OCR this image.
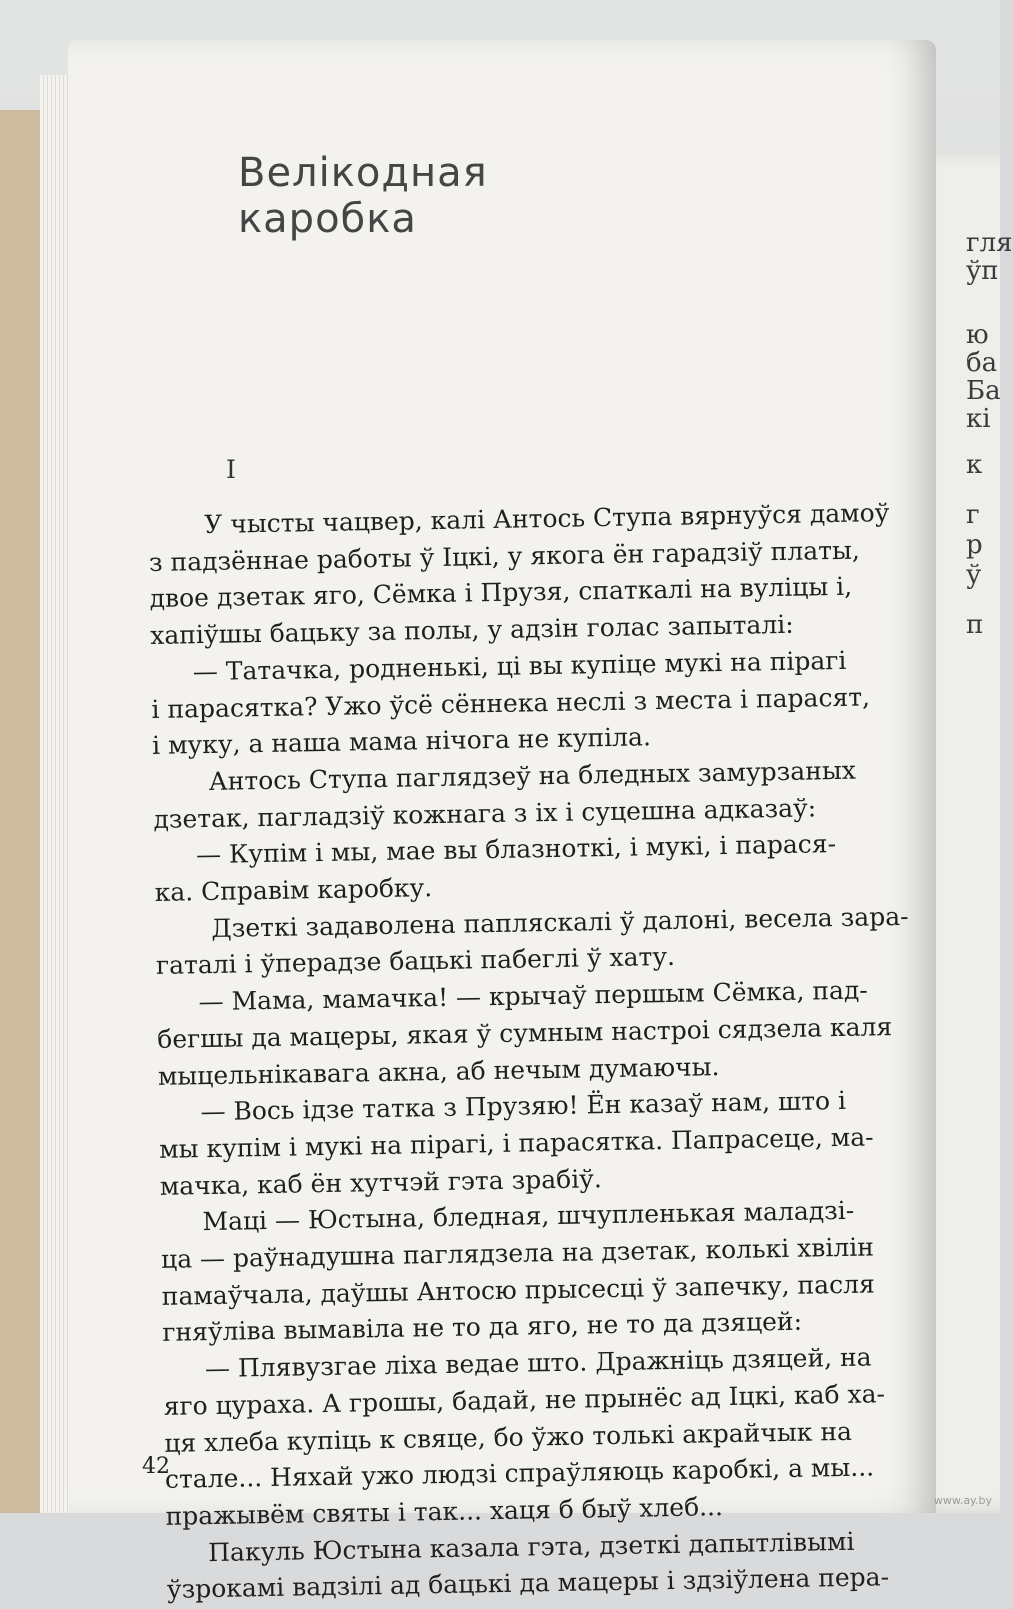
гля
ўп
ю
ба
Ба
кі
к
г
р
ў
п
Велікодная
каробка
I
У чысты чацвер, калі Антось Ступа вярнуўся дамоў
з падзённае работы ў Іцкі, у якога ён гарадзіў платы,
двое дзетак яго, Сёмка і Прузя, спаткалі на вуліцы і,
хапіўшы бацьку за полы, у адзін голас запыталі:
— Татачка, родненькі, ці вы купіце мукі на пірагі
і парасятка? Ужо ўсё сённека неслі з места і парасят,
і муку, а наша мама нічога не купіла.
Антось Ступа паглядзеў на бледных замурзаных
дзетак, пагладзіў кожнага з іх і суцешна адказаў:
— Купім і мы, мае вы блазноткі, і мукі, і парася-
ка. Справім каробку.
Дзеткі задаволена папляскалі ў далоні, весела зара-
гаталі і ўперадзе бацькі пабеглі ў хату.
— Мама, мамачка! — крычаў першым Сёмка, пад-
бегшы да мацеры, якая ў сумным настроі сядзела каля
мыцельнікавага акна, аб нечым думаючы.
— Вось ідзе татка з Прузяю! Ён казаў нам, што і
мы купім і мукі на пірагі, і парасятка. Папрасеце, ма-
мачка, каб ён хутчэй гэта зрабіў.
Маці — Юстына, бледная, шчупленькая маладзі-
ца — раўнадушна паглядзела на дзетак, колькі хвілін
памаўчала, даўшы Антосю прысесці ў запечку, пасля
гняўліва вымавіла не то да яго, не то да дзяцей:
— Плявузгае ліха ведае што. Дражніць дзяцей, на
яго цураха. А грошы, бадай, не прынёс ад Іцкі, каб ха-
ця хлеба купіць к свяце, бо ўжо толькі акрайчык на
стале... Няхай ужо людзі спраўляюць каробкі, а мы...
пражывём святы і так... хаця б быў хлеб...
Пакуль Юстына казала гэта, дзеткі дапытлівымі
ўзрокамі вадзілі ад бацькі да мацеры і здзіўлена пера-
42
www.ay.by
